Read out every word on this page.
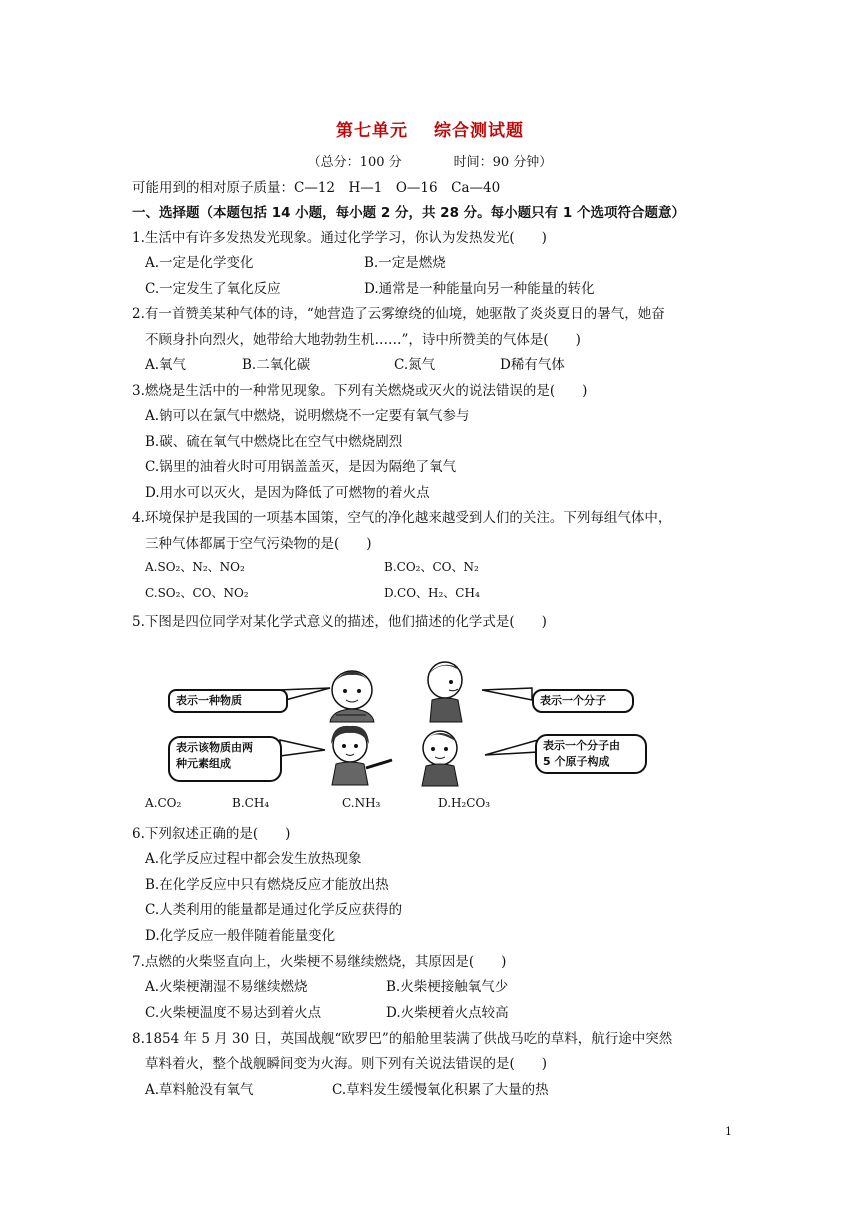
第七单元 综合测试题
（总分：100 分	时间：90 分钟）
可能用到的相对原子质量：C—12　H—1　O—16　Ca—40
一、选择题（本题包括 14 小题，每小题 2 分，共 28 分。每小题只有 1 个选项符合题意）
1.生活中有许多发热发光现象。通过化学学习，你认为发热发光(　　)
A.一定是化学变化	B.一定是燃烧
C.一定发生了氧化反应	D.通常是一种能量向另一种能量的转化
2.有一首赞美某种气体的诗，“她营造了云雾缭绕的仙境，她驱散了炎炎夏日的暑气，她奋
不顾身扑向烈火，她带给大地勃勃生机……”，诗中所赞美的气体是(　　)
A.氧气	B.二氧化碳	C.氮气	D稀有气体
3.燃烧是生活中的一种常见现象。下列有关燃烧或灭火的说法错误的是(　　)
A.钠可以在氯气中燃烧，说明燃烧不一定要有氧气参与
B.碳、硫在氧气中燃烧比在空气中燃烧剧烈
C.锅里的油着火时可用锅盖盖灭，是因为隔绝了氧气
D.用水可以灭火，是因为降低了可燃物的着火点
4.环境保护是我国的一项基本国策，空气的净化越来越受到人们的关注。下列每组气体中，
三种气体都属于空气污染物的是(　　)
A.SO₂、N₂、NO₂	B.CO₂、CO、N₂
C.SO₂、CO、NO₂	D.CO、H₂、CH₄
5.下图是四位同学对某化学式意义的描述，他们描述的化学式是(　　)
表示一种物质	表示一个分子
表示该物质由两
种元素组成
表示一个分子由
5 个原子构成
A.CO₂	B.CH₄	C.NH₃	D.H₂CO₃
6.下列叙述正确的是(　　)
A.化学反应过程中都会发生放热现象
B.在化学反应中只有燃烧反应才能放出热
C.人类利用的能量都是通过化学反应获得的
D.化学反应一般伴随着能量变化
7.点燃的火柴竖直向上，火柴梗不易继续燃烧，其原因是(　　)
A.火柴梗潮湿不易继续燃烧	B.火柴梗接触氧气少
C.火柴梗温度不易达到着火点	D.火柴梗着火点较高
8.1854 年 5 月 30 日，英国战舰“欧罗巴”的船舱里装满了供战马吃的草料，航行途中突然
草料着火，整个战舰瞬间变为火海。则下列有关说法错误的是(　　)
A.草料舱没有氧气	C.草料发生缓慢氧化积累了大量的热
1
